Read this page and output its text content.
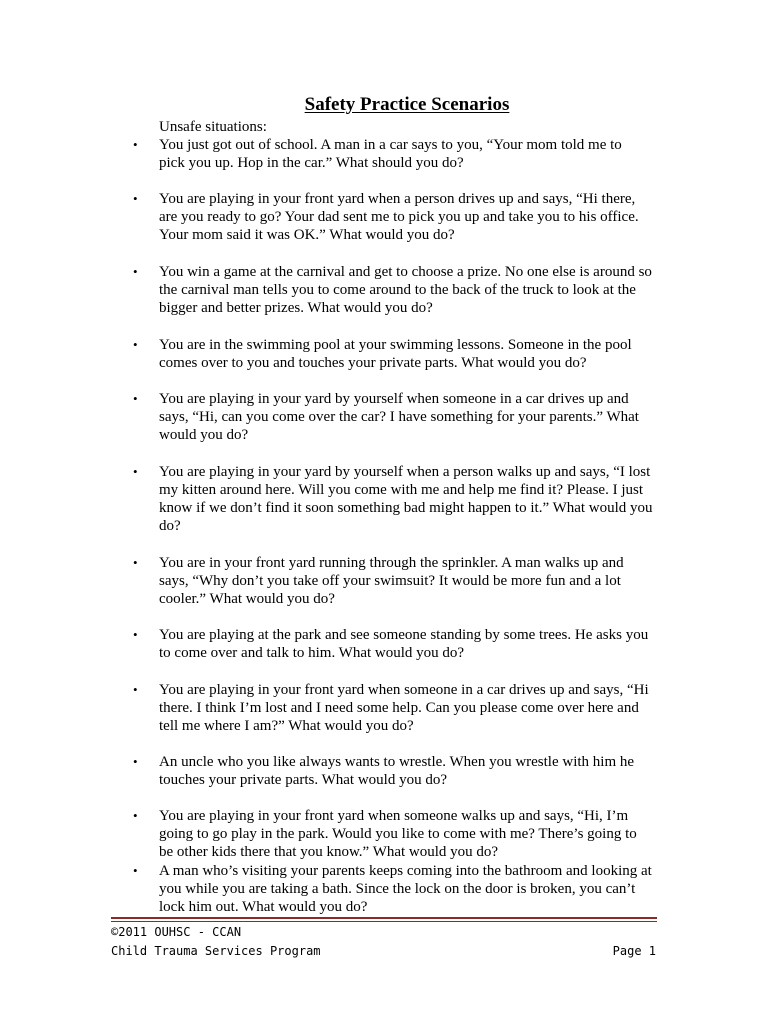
Safety Practice Scenarios
Unsafe situations:
•	You just got out of school. A man in a car says to you, “Your mom told me to
pick you up. Hop in the car.” What should you do?
•	You are playing in your front yard when a person drives up and says, “Hi there,
are you ready to go? Your dad sent me to pick you up and take you to his office.
Your mom said it was OK.” What would you do?
•	You win a game at the carnival and get to choose a prize. No one else is around so
the carnival man tells you to come around to the back of the truck to look at the
bigger and better prizes. What would you do?
•	You are in the swimming pool at your swimming lessons. Someone in the pool
comes over to you and touches your private parts. What would you do?
•	You are playing in your yard by yourself when someone in a car drives up and
says, “Hi, can you come over the car? I have something for your parents.” What
would you do?
•	You are playing in your yard by yourself when a person walks up and says, “I lost
my kitten around here. Will you come with me and help me find it? Please. I just
know if we don’t find it soon something bad might happen to it.” What would you
do?
•	You are in your front yard running through the sprinkler. A man walks up and
says, “Why don’t you take off your swimsuit? It would be more fun and a lot
cooler.” What would you do?
•	You are playing at the park and see someone standing by some trees. He asks you
to come over and talk to him. What would you do?
•	You are playing in your front yard when someone in a car drives up and says, “Hi
there. I think I’m lost and I need some help. Can you please come over here and
tell me where I am?” What would you do?
•	An uncle who you like always wants to wrestle. When you wrestle with him he
touches your private parts. What would you do?
•	You are playing in your front yard when someone walks up and says, “Hi, I’m
going to go play in the park. Would you like to come with me? There’s going to
be other kids there that you know.” What would you do?
•	A man who’s visiting your parents keeps coming into the bathroom and looking at
you while you are taking a bath. Since the lock on the door is broken, you can’t
lock him out. What would you do?
©2011 OUHSC - CCAN
Child Trauma Services Program	Page 1
